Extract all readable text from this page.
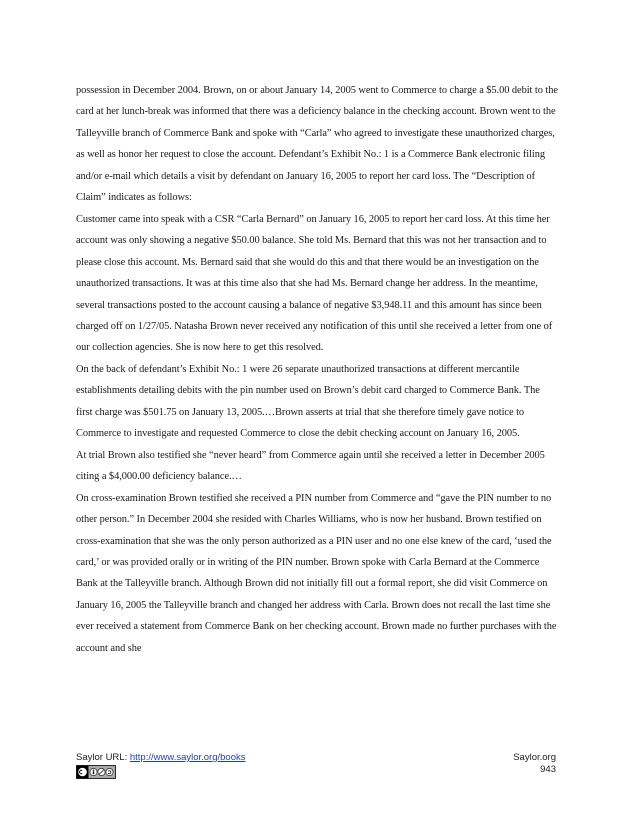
possession in December 2004. Brown, on or about January 14, 2005 went to Commerce to charge a $5.00 debit to the card at her lunch-break was informed that there was a deficiency balance in the checking account. Brown went to the Talleyville branch of Commerce Bank and spoke with “Carla” who agreed to investigate these unauthorized charges, as well as honor her request to close the account. Defendant’s Exhibit No.: 1 is a Commerce Bank electronic filing and/or e-mail which details a visit by defendant on January 16, 2005 to report her card loss. The “Description of Claim” indicates as follows:

Customer came into speak with a CSR “Carla Bernard” on January 16, 2005 to report her card loss. At this time her account was only showing a negative $50.00 balance. She told Ms. Bernard that this was not her transaction and to please close this account. Ms. Bernard said that she would do this and that there would be an investigation on the unauthorized transactions. It was at this time also that she had Ms. Bernard change her address. In the meantime, several transactions posted to the account causing a balance of negative $3,948.11 and this amount has since been charged off on 1/27/05. Natasha Brown never received any notification of this until she received a letter from one of our collection agencies. She is now here to get this resolved.

On the back of defendant’s Exhibit No.: 1 were 26 separate unauthorized transactions at different mercantile establishments detailing debits with the pin number used on Brown’s debit card charged to Commerce Bank. The first charge was $501.75 on January 13, 2005.…Brown asserts at trial that she therefore timely gave notice to Commerce to investigate and requested Commerce to close the debit checking account on January 16, 2005.

At trial Brown also testified she “never heard” from Commerce again until she received a letter in December 2005 citing a $4,000.00 deficiency balance.…

On cross-examination Brown testified she received a PIN number from Commerce and “gave the PIN number to no other person.” In December 2004 she resided with Charles Williams, who is now her husband. Brown testified on cross-examination that she was the only person authorized as a PIN user and no one else knew of the card, ‘used the card,’ or was provided orally or in writing of the PIN number. Brown spoke with Carla Bernard at the Commerce Bank at the Talleyville branch. Although Brown did not initially fill out a formal report, she did visit Commerce on January 16, 2005 the Talleyville branch and changed her address with Carla. Brown does not recall the last time she ever received a statement from Commerce Bank on her checking account. Brown made no further purchases with the account and she

Saylor URL: http://www.saylor.org/books	Saylor.org
943
